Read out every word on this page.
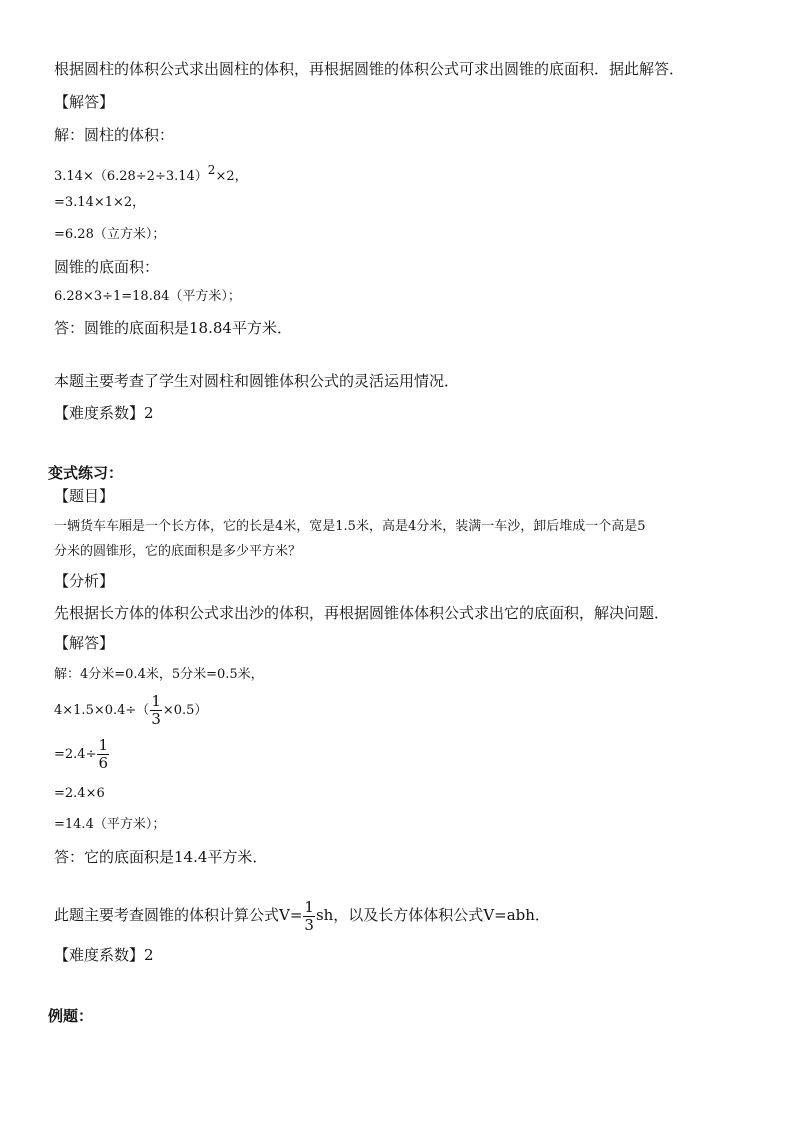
根据圆柱的体积公式求出圆柱的体积，再根据圆锥的体积公式可求出圆锥的底面积．据此解答．
【解答】
解：圆柱的体积：
$3.14\times(6.28\div 2\div 3.14)^2\times 2$，
=3.14×1×2，
=6.28（立方米）；
圆锥的底面积：
6.28×3÷1=18.84（平方米）；
答：圆锥的底面积是18.84平方米．
本题主要考查了学生对圆柱和圆锥体积公式的灵活运用情况．
【难度系数】2
变式练习：
【题目】
一辆货车车厢是一个长方体，它的长是4米，宽是1.5米，高是4分米，装满一车沙，卸后堆成一个高是5
分米的圆锥形，它的底面积是多少平方米？
【分析】
先根据长方体的体积公式求出沙的体积，再根据圆锥体体积公式求出它的底面积，解决问题．
【解答】
解：4分米=0.4米，5分米=0.5米，
$4\times 1.5\times 0.4\div( \frac{1}{3} \times 0.5)$
$=2.4\div \frac{1}{6}$
=2.4×6
=14.4（平方米）；
答：它的底面积是14.4平方米．
此题主要考查圆锥的体积计算公式$V= \frac{1}{3}$ sh，以及长方体体积公式V=abh．
【难度系数】2
例题：
